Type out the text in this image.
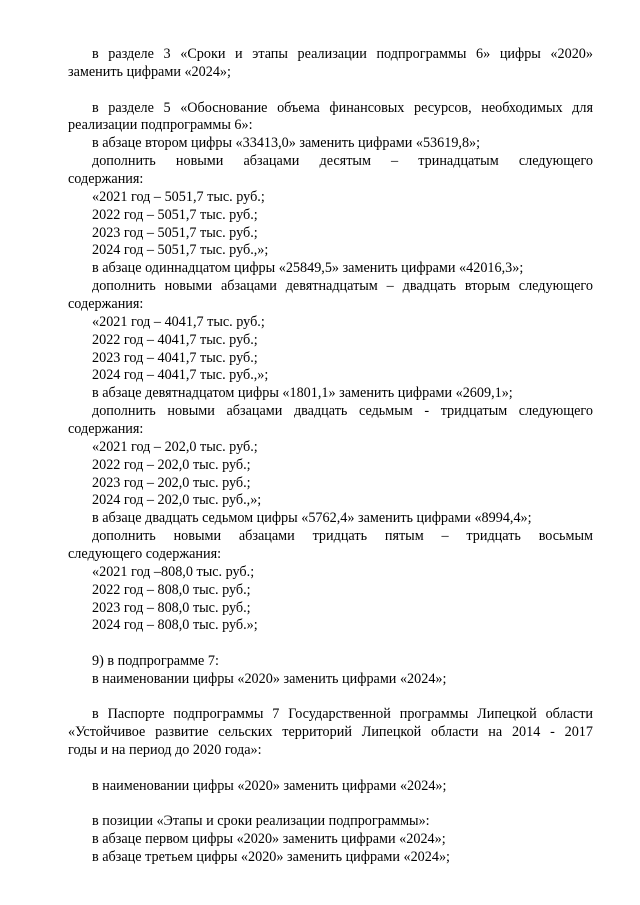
в разделе 3 «Сроки и этапы реализации подпрограммы 6» цифры «2020»
заменить цифрами «2024»;
в разделе 5 «Обоснование объема финансовых ресурсов, необходимых для
реализации подпрограммы 6»:
в абзаце втором цифры «33413,0» заменить цифрами «53619,8»;
дополнить новыми абзацами десятым – тринадцатым следующего
содержания:
«2021 год – 5051,7 тыс. руб.;
2022 год – 5051,7 тыс. руб.;
2023 год – 5051,7 тыс. руб.;
2024 год – 5051,7 тыс. руб.,»;
в абзаце одиннадцатом цифры «25849,5» заменить цифрами «42016,3»;
дополнить новыми абзацами девятнадцатым – двадцать вторым следующего
содержания:
«2021 год – 4041,7 тыс. руб.;
2022 год – 4041,7 тыс. руб.;
2023 год – 4041,7 тыс. руб.;
2024 год – 4041,7 тыс. руб.,»;
в абзаце девятнадцатом цифры «1801,1» заменить цифрами «2609,1»;
дополнить новыми абзацами двадцать седьмым - тридцатым следующего
содержания:
«2021 год – 202,0 тыс. руб.;
2022 год – 202,0 тыс. руб.;
2023 год – 202,0 тыс. руб.;
2024 год – 202,0 тыс. руб.,»;
в абзаце двадцать седьмом цифры «5762,4» заменить цифрами «8994,4»;
дополнить новыми абзацами тридцать пятым – тридцать восьмым
следующего содержания:
«2021 год –808,0 тыс. руб.;
2022 год – 808,0 тыс. руб.;
2023 год – 808,0 тыс. руб.;
2024 год – 808,0 тыс. руб.»;
9) в подпрограмме 7:
в наименовании цифры «2020» заменить цифрами «2024»;
в Паспорте подпрограммы 7 Государственной программы Липецкой области
«Устойчивое развитие сельских территорий Липецкой области на 2014 - 2017
годы и на период до 2020 года»:
в наименовании цифры «2020» заменить цифрами «2024»;
в позиции «Этапы и сроки реализации подпрограммы»:
в абзаце первом цифры «2020» заменить цифрами «2024»;
в абзаце третьем цифры «2020» заменить цифрами «2024»;
